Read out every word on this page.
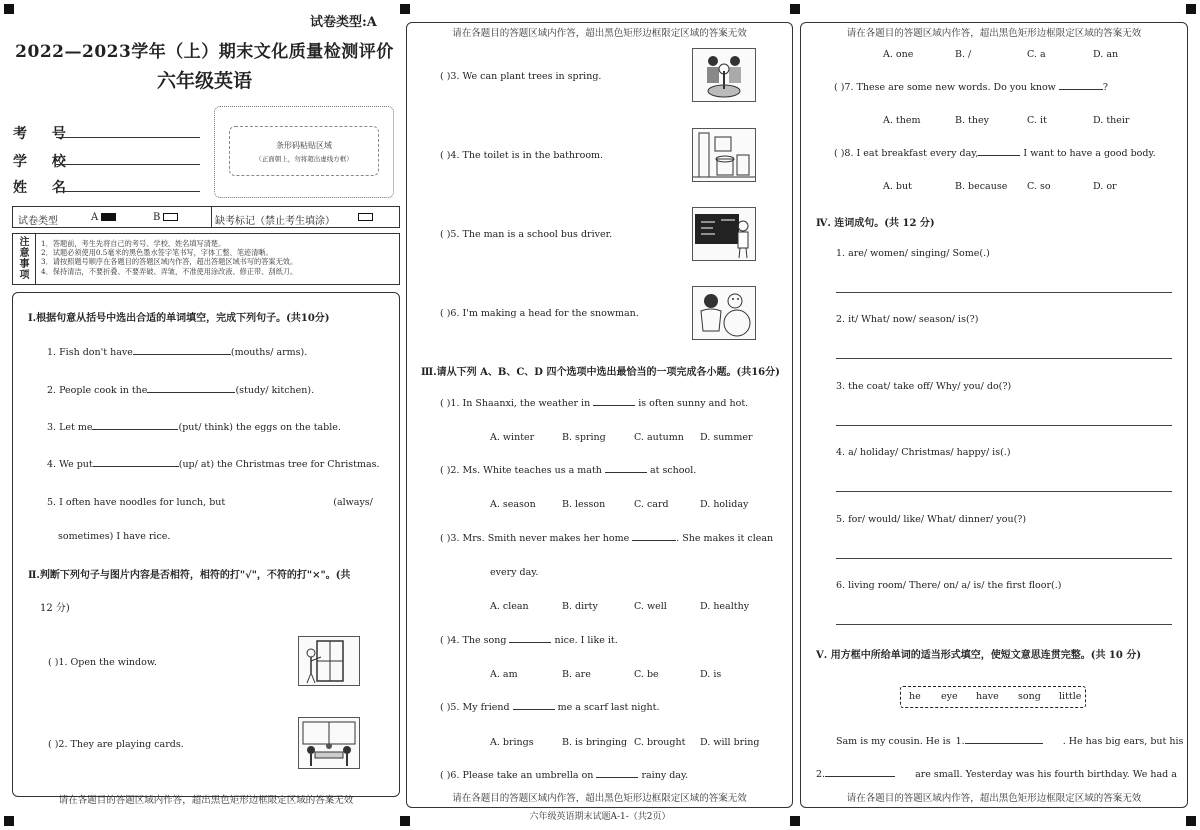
试卷类型:A
2022—2023学年（上）期末文化质量检测评价
六年级英语
考 号
学 校
姓 名
条形码粘贴区域
（正面朝上，勿将超出虚线方框）
试卷类型	A	B	缺考标记（禁止考生填涂）
注意事项
1．答题前，考生先将自己的考号、学校、姓名填写清楚。
2．试题必须使用0.5毫米的黑色墨水签字笔书写，字体工整、笔迹清晰。
3．请按照题号顺序在各题目的答题区域内作答，超出答题区域书写的答案无效。
4．保持清洁，不要折叠、不要弄破、弄皱，不准使用涂改液、修正带、刮纸刀。
Ⅰ.根据句意从括号中选出合适的单词填空，完成下列句子。(共10分)
1. Fish don't have	(mouths/ arms).
2. People cook in the	(study/ kitchen).
3. Let me	(put/ think) the eggs on the table.
4. We put	(up/ at) the Christmas tree for Christmas.
5. I often have noodles for lunch, but	(always/
sometimes) I have rice.
Ⅱ.判断下列句子与图片内容是否相符，相符的打"√"，不符的打"×"。(共
12 分)
( )1. Open the window.
( )2. They are playing cards.
请在各题目的答题区域内作答，超出黑色矩形边框限定区域的答案无效
请在各题目的答题区域内作答，超出黑色矩形边框限定区域的答案无效
请在各题目的答题区域内作答，超出黑色矩形边框限定区域的答案无效
( )3. We can plant trees in spring.
( )4. The toilet is in the bathroom.
( )5. The man is a school bus driver.
( )6. I'm making a head for the snowman.
Ⅲ.请从下列 A、B、C、D 四个选项中选出最恰当的一项完成各小题。(共16分)
( )1. In Shaanxi, the weather in	is often sunny and hot.
A. winter	B. spring	C. autumn D. summer
( )2. Ms. White teaches us a math	at school.
A. season	B. lesson	C. card	D. holiday
( )3. Mrs. Smith never makes her home	. She makes it clean
every day.
A. clean	B. dirty	C. well	D. healthy
( )4. The song	nice. I like it.
A. am	B. are	C. be	D. is
( )5. My friend	me a scarf last night.
A. brings	B. is bringing C. brought D. will bring
( )6. Please take an umbrella on	rainy day.
请在各题目的答题区域内作答，超出黑色矩形边框限定区域的答案无效
请在各题目的答题区域内作答，超出黑色矩形边框限定区域的答案无效
A. one	B. /	C. a	D. an
( )7. These are some new words. Do you know	?
A. them	B. they	C. it	D. their
( )8. I eat breakfast every day,	I want to have a good body.
A. but	B. because C. so	D. or
Ⅳ. 连词成句。(共 12 分)
1. are/ women/ singing/ Some(.)
2. it/ What/ now/ season/ is(?)
3. the coat/ take off/ Why/ you/ do(?)
4. a/ holiday/ Christmas/ happy/ is(.)
5. for/ would/ like/ What/ dinner/ you(?)
6. living room/ There/ on/ a/ is/ the first floor(.)
Ⅴ. 用方框中所给单词的适当形式填空，使短文意思连贯完整。(共 10 分)
he eye have song little
Sam is my cousin. He is 1.	. He has big ears, but his
2.	are small. Yesterday was his fourth birthday. We had a
六年级英语期末试题A-1-（共2页）
